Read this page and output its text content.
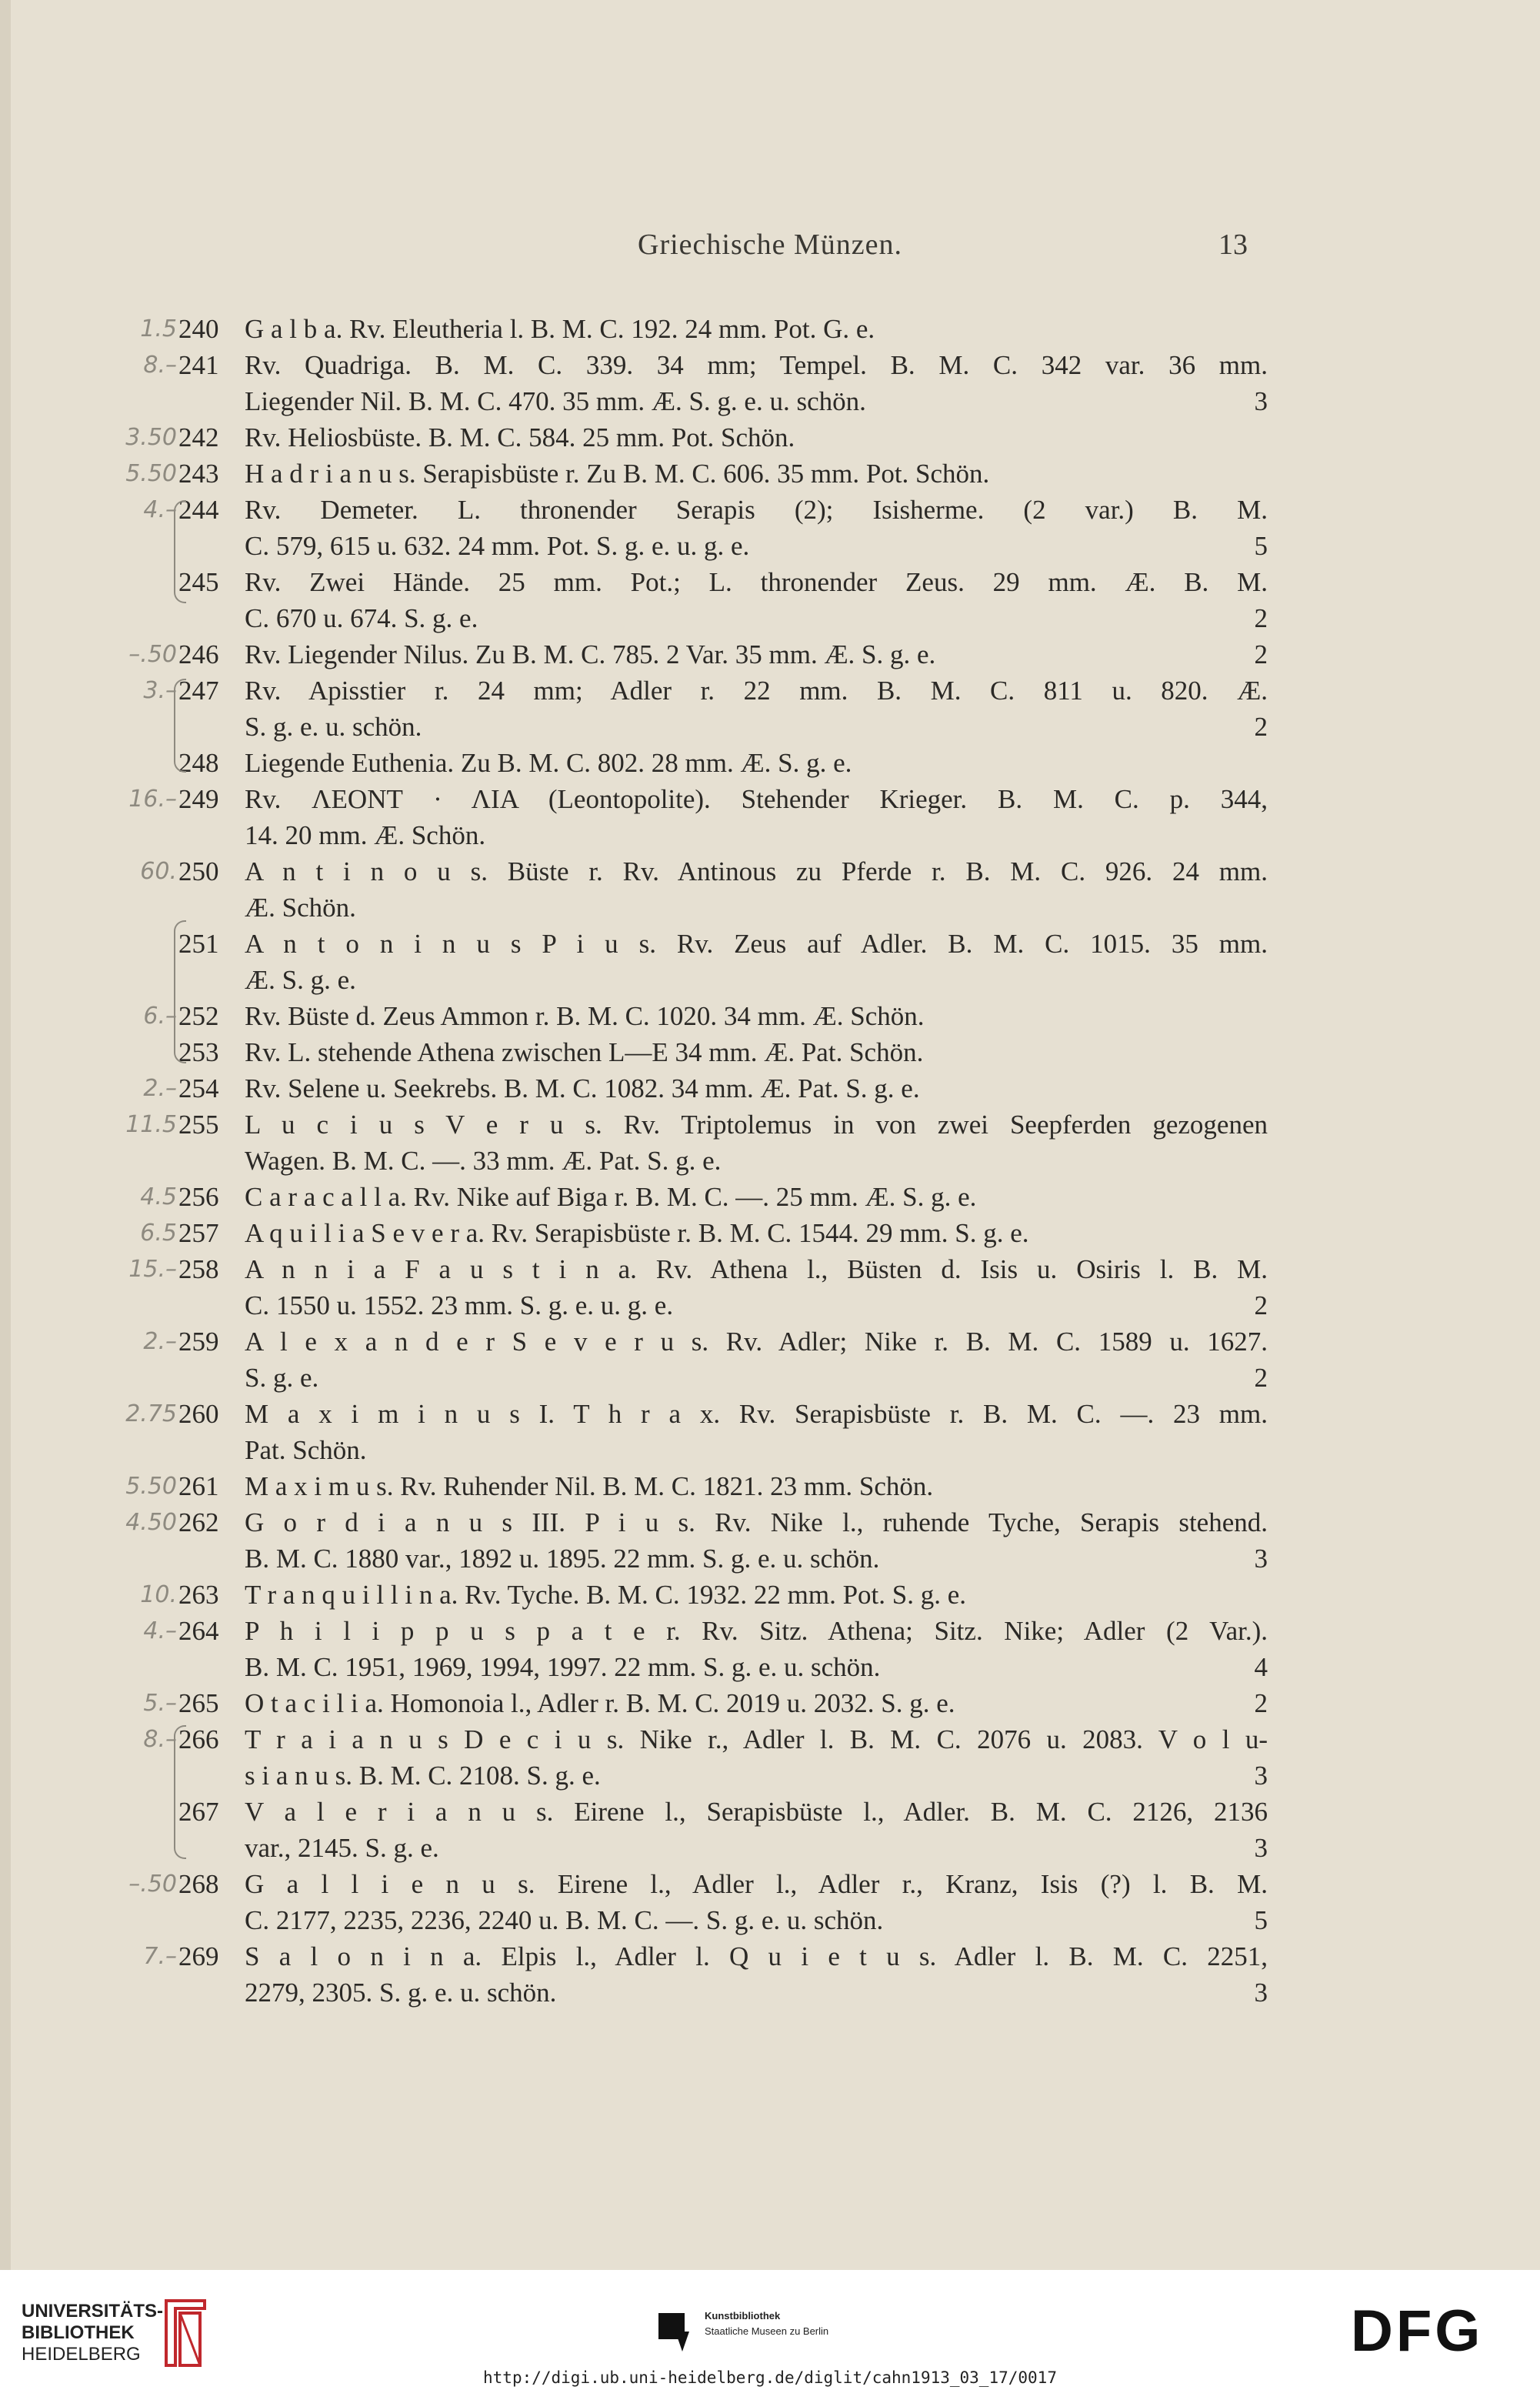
Griechische Münzen.	13
1.5 240 G a l b a. Rv. Eleutheria l. B. M. C. 192. 24 mm. Pot. G. e.
8.– 241 Rv. Quadriga. B. M. C. 339. 34 mm; Tempel. B. M. C. 342 var. 36 mm.
Liegender Nil. B. M. C. 470. 35 mm. Æ. S. g. e. u. schön.	3
3.50 242 Rv. Heliosbüste. B. M. C. 584. 25 mm. Pot. Schön.
5.50 243 H a d r i a n u s. Serapisbüste r. Zu B. M. C. 606. 35 mm. Pot. Schön.
4.– 244 Rv. Demeter. L. thronender Serapis (2); Isisherme. (2 var.) B. M.
C. 579, 615 u. 632. 24 mm. Pot. S. g. e. u. g. e.	5
245 Rv. Zwei Hände. 25 mm. Pot.; L. thronender Zeus. 29 mm. Æ. B. M.
C. 670 u. 674. S. g. e.	2
–.50 246 Rv. Liegender Nilus. Zu B. M. C. 785. 2 Var. 35 mm. Æ. S. g. e.	2
3.– 247 Rv. Apisstier r. 24 mm; Adler r. 22 mm. B. M. C. 811 u. 820. Æ.
S. g. e. u. schön.	2
248 Liegende Euthenia. Zu B. M. C. 802. 28 mm. Æ. S. g. e.
16.– 249 Rv. ΛΕΟΝΤ · ΛΙΑ (Leontopolite). Stehender Krieger. B. M. C. p. 344,
14. 20 mm. Æ. Schön.
60. 250 A n t i n o u s. Büste r. Rv. Antinous zu Pferde r. B. M. C. 926. 24 mm.
Æ. Schön.
251 A n t o n i n u s P i u s. Rv. Zeus auf Adler. B. M. C. 1015. 35 mm.
Æ. S. g. e.
6.– 252 Rv. Büste d. Zeus Ammon r. B. M. C. 1020. 34 mm. Æ. Schön.
253 Rv. L. stehende Athena zwischen L—E 34 mm. Æ. Pat. Schön.
2.– 254 Rv. Selene u. Seekrebs. B. M. C. 1082. 34 mm. Æ. Pat. S. g. e.
11.5 255 L u c i u s V e r u s. Rv. Triptolemus in von zwei Seepferden gezogenen
Wagen. B. M. C. —. 33 mm. Æ. Pat. S. g. e.
4.5 256 C a r a c a l l a. Rv. Nike auf Biga r. B. M. C. —. 25 mm. Æ. S. g. e.
6.5 257 A q u i l i a S e v e r a. Rv. Serapisbüste r. B. M. C. 1544. 29 mm. S. g. e.
15.– 258 A n n i a F a u s t i n a. Rv. Athena l., Büsten d. Isis u. Osiris l. B. M.
C. 1550 u. 1552. 23 mm. S. g. e. u. g. e.	2
2.– 259 A l e x a n d e r S e v e r u s. Rv. Adler; Nike r. B. M. C. 1589 u. 1627.
S. g. e.	2
2.75 260 M a x i m i n u s I. T h r a x. Rv. Serapisbüste r. B. M. C. —. 23 mm.
Pat. Schön.
5.50 261 M a x i m u s. Rv. Ruhender Nil. B. M. C. 1821. 23 mm. Schön.
4.50 262 G o r d i a n u s III. P i u s. Rv. Nike l., ruhende Tyche, Serapis stehend.
B. M. C. 1880 var., 1892 u. 1895. 22 mm. S. g. e. u. schön.	3
10. 263 T r a n q u i l l i n a. Rv. Tyche. B. M. C. 1932. 22 mm. Pot. S. g. e.
4.– 264 P h i l i p p u s p a t e r. Rv. Sitz. Athena; Sitz. Nike; Adler (2 Var.).
B. M. C. 1951, 1969, 1994, 1997. 22 mm. S. g. e. u. schön.	4
5.– 265 O t a c i l i a. Homonoia l., Adler r. B. M. C. 2019 u. 2032. S. g. e.	2
8.– 266 T r a i a n u s D e c i u s. Nike r., Adler l. B. M. C. 2076 u. 2083. V o l u-
s i a n u s. B. M. C. 2108. S. g. e.	3
267 V a l e r i a n u s. Eirene l., Serapisbüste l., Adler. B. M. C. 2126, 2136
var., 2145. S. g. e.	3
–.50 268 G a l l i e n u s. Eirene l., Adler l., Adler r., Kranz, Isis (?) l. B. M.
C. 2177, 2235, 2236, 2240 u. B. M. C. —. S. g. e. u. schön.	5
7.– 269 S a l o n i n a. Elpis l., Adler l. Q u i e t u s. Adler l. B. M. C. 2251,
2279, 2305. S. g. e. u. schön.	3
UNIVERSITÄTS-
BIBLIOTHEK
HEIDELBERG
Kunstbibliothek
Staatliche Museen zu Berlin	DFG
http://digi.ub.uni-heidelberg.de/diglit/cahn1913_03_17/0017
